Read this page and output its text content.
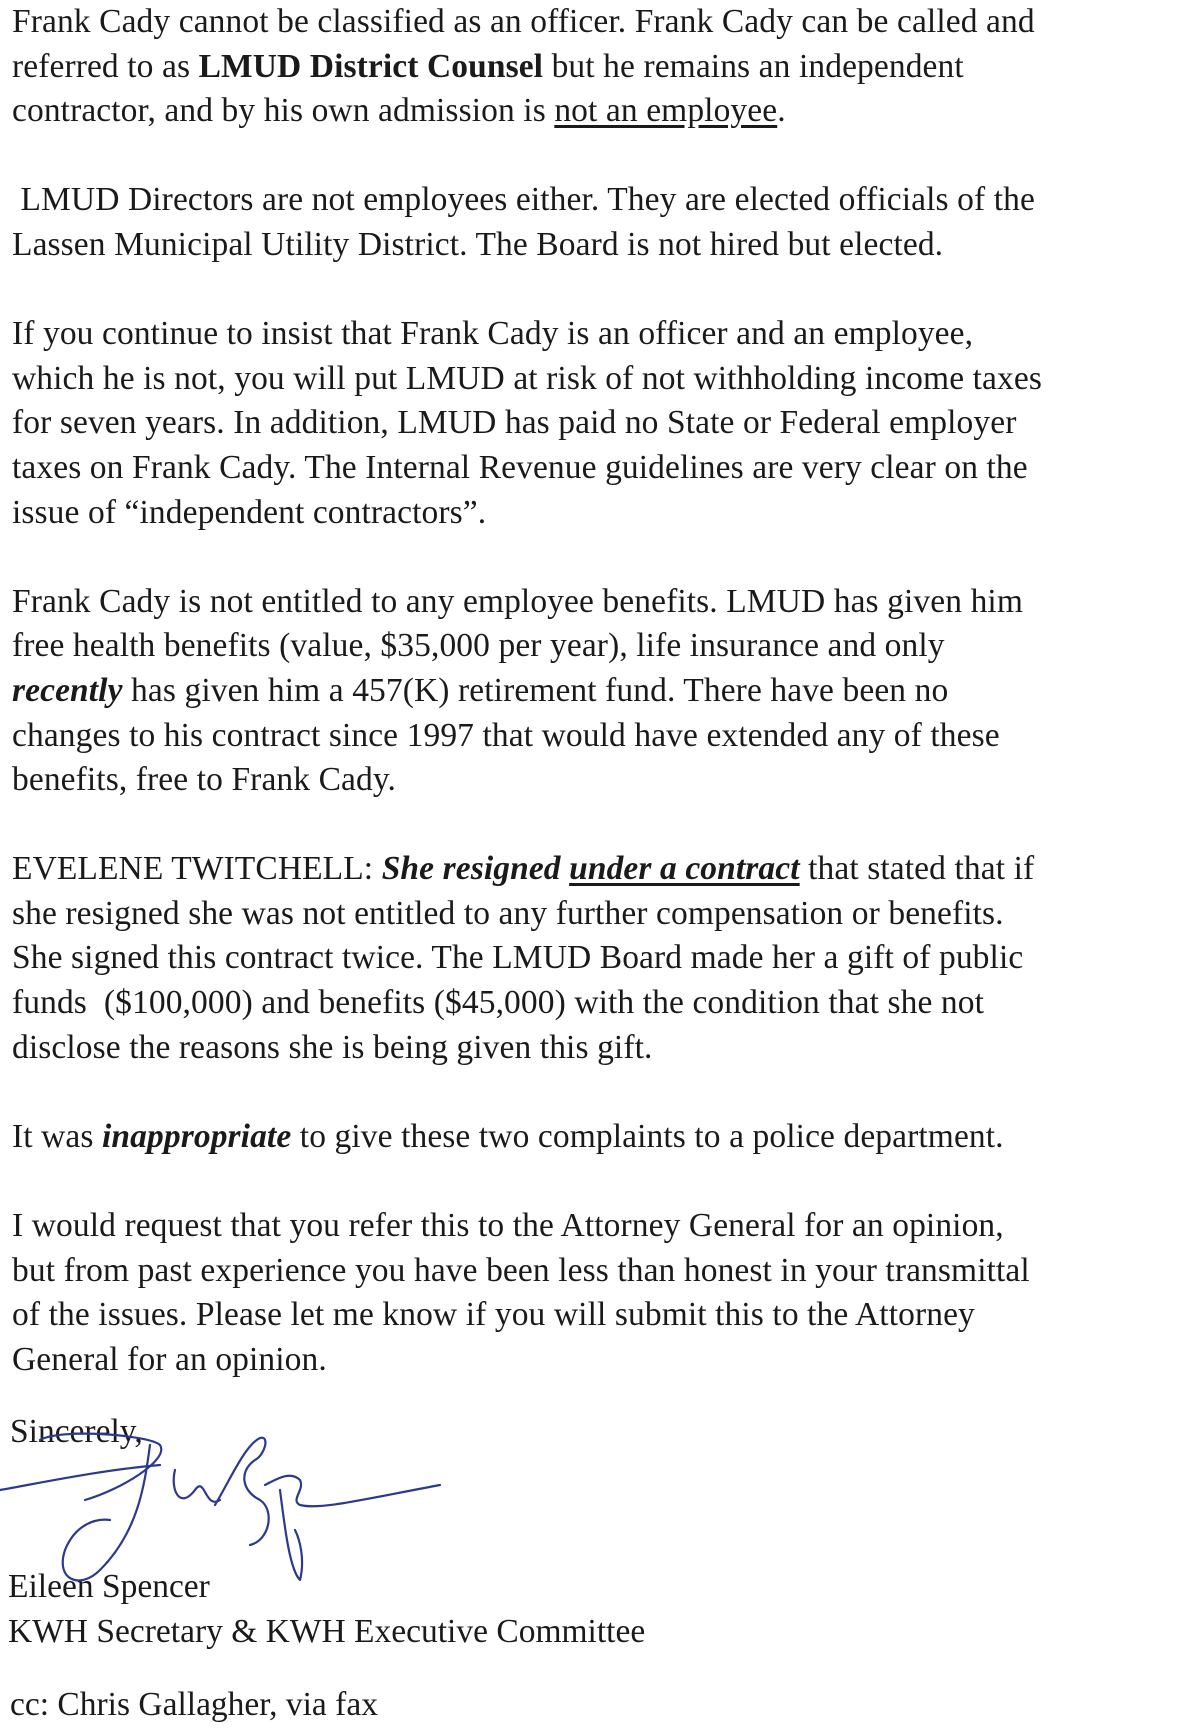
Frank Cady cannot be classified as an officer. Frank Cady can be called and
referred to as LMUD District Counsel but he remains an independent
contractor, and by his own admission is not an employee.

LMUD Directors are not employees either. They are elected officials of the
Lassen Municipal Utility District. The Board is not hired but elected.

If you continue to insist that Frank Cady is an officer and an employee,
which he is not, you will put LMUD at risk of not withholding income taxes
for seven years. In addition, LMUD has paid no State or Federal employer
taxes on Frank Cady. The Internal Revenue guidelines are very clear on the
issue of “independent contractors”.

Frank Cady is not entitled to any employee benefits. LMUD has given him
free health benefits (value, $35,000 per year), life insurance and only
recently has given him a 457(K) retirement fund. There have been no
changes to his contract since 1997 that would have extended any of these
benefits, free to Frank Cady.

EVELENE TWITCHELL: She resigned under a contract that stated that if
she resigned she was not entitled to any further compensation or benefits.
She signed this contract twice. The LMUD Board made her a gift of public
funds  ($100,000) and benefits ($45,000) with the condition that she not
disclose the reasons she is being given this gift.

It was inappropriate to give these two complaints to a police department.

I would request that you refer this to the Attorney General for an opinion,
but from past experience you have been less than honest in your transmittal
of the issues. Please let me know if you will submit this to the Attorney
General for an opinion.

Sincerely,
Eileen Spencer
KWH Secretary & KWH Executive Committee
cc: Chris Gallagher, via fax
